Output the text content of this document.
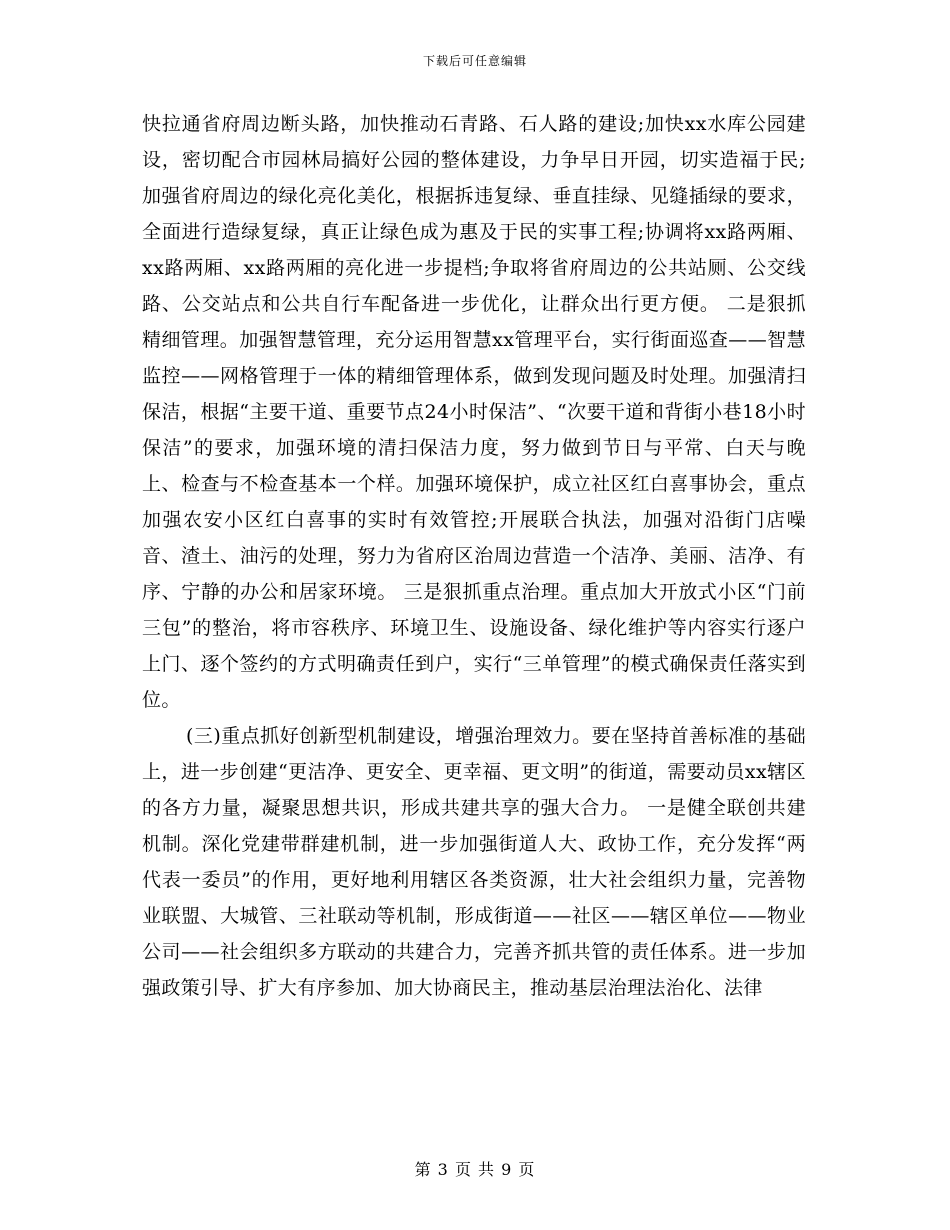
下载后可任意编辑

快拉通省府周边断头路，加快推动石青路、石人路的建设;加快xx水库公园建设，密切配合市园林局搞好公园的整体建设，力争早日开园，切实造福于民;加强省府周边的绿化亮化美化，根据拆违复绿、垂直挂绿、见缝插绿的要求，全面进行造绿复绿，真正让绿色成为惠及于民的实事工程;协调将xx路两厢、xx路两厢、xx路两厢的亮化进一步提档;争取将省府周边的公共站厕、公交线路、公交站点和公共自行车配备进一步优化，让群众出行更方便。 二是狠抓精细管理。加强智慧管理，充分运用智慧xx管理平台，实行街面巡查——智慧监控——网格管理于一体的精细管理体系，做到发现问题及时处理。加强清扫保洁，根据“主要干道、重要节点24小时保洁”、“次要干道和背街小巷18小时保洁”的要求，加强环境的清扫保洁力度，努力做到节日与平常、白天与晚上、检查与不检查基本一个样。加强环境保护，成立社区红白喜事协会，重点加强农安小区红白喜事的实时有效管控;开展联合执法，加强对沿街门店噪音、渣土、油污的处理，努力为省府区治周边营造一个洁净、美丽、洁净、有序、宁静的办公和居家环境。 三是狠抓重点治理。重点加大开放式小区“门前三包”的整治，将市容秩序、环境卫生、设施设备、绿化维护等内容实行逐户上门、逐个签约的方式明确责任到户，实行“三单管理”的模式确保责任落实到位。

(三)重点抓好创新型机制建设，增强治理效力。要在坚持首善标准的基础上，进一步创建“更洁净、更安全、更幸福、更文明”的街道，需要动员xx辖区的各方力量，凝聚思想共识，形成共建共享的强大合力。 一是健全联创共建机制。深化党建带群建机制，进一步加强街道人大、政协工作，充分发挥“两代表一委员”的作用，更好地利用辖区各类资源，壮大社会组织力量，完善物业联盟、大城管、三社联动等机制，形成街道——社区——辖区单位——物业公司——社会组织多方联动的共建合力，完善齐抓共管的责任体系。进一步加强政策引导、扩大有序参加、加大协商民主，推动基层治理法治化、法律

第 3 页 共 9 页
